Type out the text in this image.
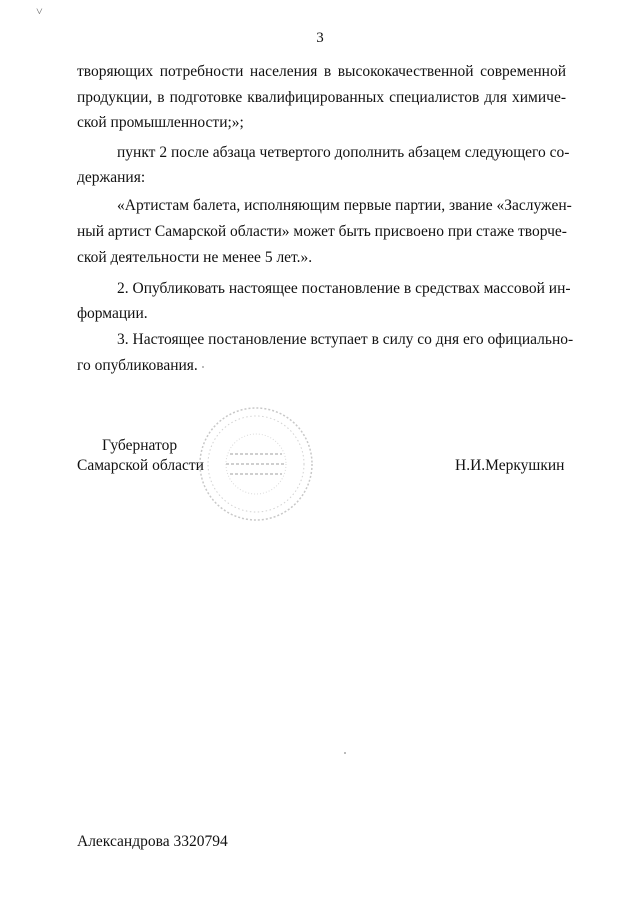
˅
3
творяющих потребности населения в высококачественной современной
продукции, в подготовке квалифицированных специалистов для химиче-
ской промышленности;»;
пункт 2 после абзаца четвертого дополнить абзацем следующего со-
держания:
«Артистам балета, исполняющим первые партии, звание «Заслужен-
ный артист Самарской области» может быть присвоено при стаже творче-
ской деятельности не менее 5 лет.».
2. Опубликовать настоящее постановление в средствах массовой ин-
формации.
3. Настоящее постановление вступает в силу со дня его официально-
го опубликования.
Губернатор
Самарской области	Н.И.Меркушкин
Александрова 3320794
